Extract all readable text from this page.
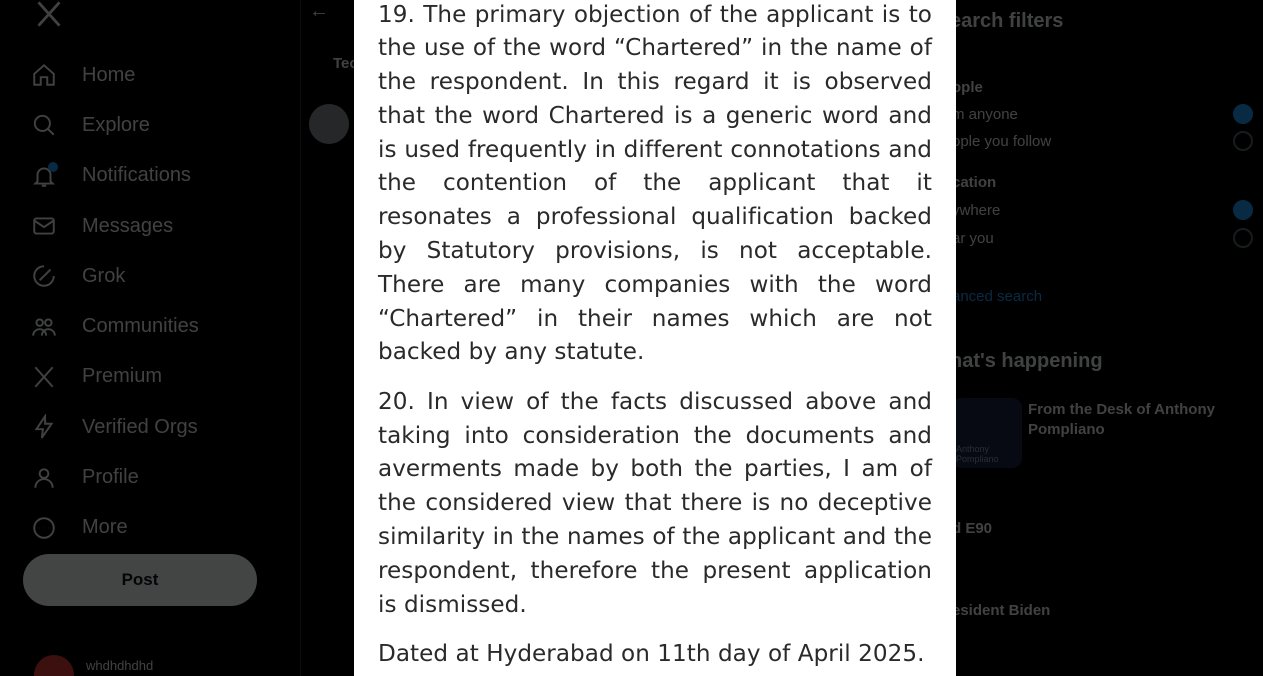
19. The primary objection of the applicant is to the use of the word “Chartered” in the name of the respondent. In this regard it is observed that the word Chartered is a generic word and is used frequently in different connotations and the contention of the applicant that it resonates a professional qualification backed by Statutory provisions, is not acceptable. There are many companies with the word “Chartered” in their names which are not backed by any statute.

20. In view of the facts discussed above and taking into consideration the documents and averments made by both the parties, I am of the considered view that there is no deceptive similarity in the names of the applicant and the respondent, therefore the present application is dismissed.

Dated at Hyderabad on 11th day of April 2025.
